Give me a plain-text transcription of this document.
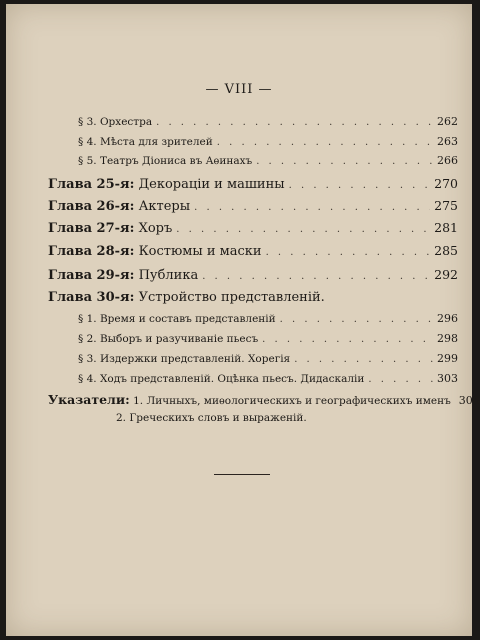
— VIII —
§ 3. Орхестра . . .	262
§ 4. Мѣста для зрителей . . .	263
§ 5. Театръ Діониса въ Аѳинахъ . . .	266
Глава 25-я: Декораціи и машины . . .	270
Глава 26-я: Актеры . . .	275
Глава 27-я: Хоръ . . .	281
Глава 28-я: Костюмы и маски . . .	285
Глава 29-я: Публика . . .	292
Глава 30-я: Устройство представленій.
§ 1. Время и составъ представленій . . .	296
§ 2. Выборъ и разучиваніе пьесъ . . .	298
§ 3. Издержки представленій. Хорегія . . .	299
§ 4. Ходъ представленій. Оцѣнка пьесъ. Дидаскаліи . . .	303
Указатели: 1. Личныхъ, миѳологическихъ и географическихъ именъ 308
2. Греческихъ словъ и выраженій.
